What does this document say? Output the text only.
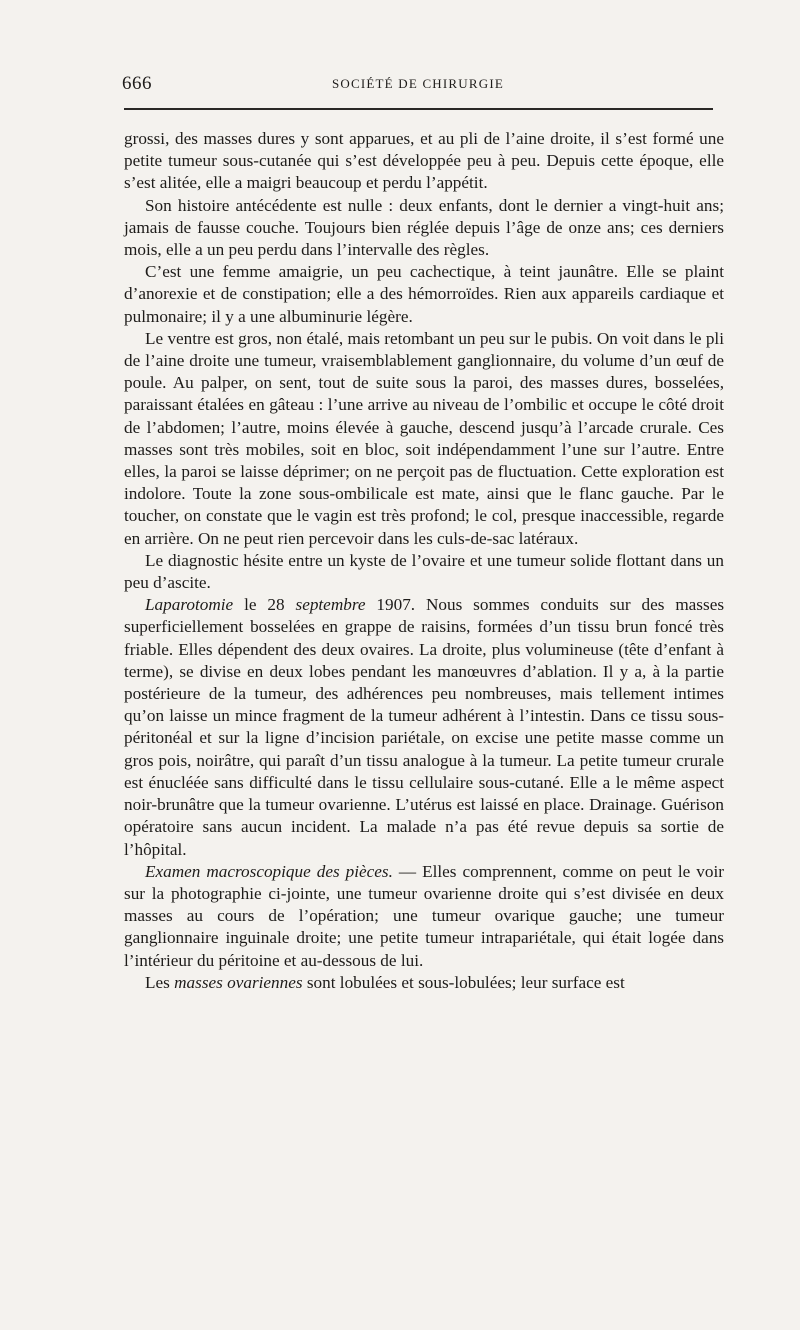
666	SOCIÉTÉ DE CHIRURGIE

grossi, des masses dures y sont apparues, et au pli de l’aine droite, il s’est formé une petite tumeur sous-cutanée qui s’est développée peu à peu. Depuis cette époque, elle s’est alitée, elle a maigri beaucoup et perdu l’appétit.

Son histoire antécédente est nulle : deux enfants, dont le dernier a vingt-huit ans; jamais de fausse couche. Toujours bien réglée depuis l’âge de onze ans; ces derniers mois, elle a un peu perdu dans l’intervalle des règles.

C’est une femme amaigrie, un peu cachectique, à teint jaunâtre. Elle se plaint d’anorexie et de constipation; elle a des hémorroïdes. Rien aux appareils cardiaque et pulmonaire; il y a une albuminurie légère.

Le ventre est gros, non étalé, mais retombant un peu sur le pubis. On voit dans le pli de l’aine droite une tumeur, vraisemblablement ganglionnaire, du volume d’un œuf de poule. Au palper, on sent, tout de suite sous la paroi, des masses dures, bosselées, paraissant étalées en gâteau : l’une arrive au niveau de l’ombilic et occupe le côté droit de l’abdomen; l’autre, moins élevée à gauche, descend jusqu’à l’arcade crurale. Ces masses sont très mobiles, soit en bloc, soit indépendamment l’une sur l’autre. Entre elles, la paroi se laisse déprimer; on ne perçoit pas de fluctuation. Cette exploration est indolore. Toute la zone sous-ombilicale est mate, ainsi que le flanc gauche. Par le toucher, on constate que le vagin est très profond; le col, presque inaccessible, regarde en arrière. On ne peut rien percevoir dans les culs-de-sac latéraux.

Le diagnostic hésite entre un kyste de l’ovaire et une tumeur solide flottant dans un peu d’ascite.

Laparotomie le 28 septembre 1907. Nous sommes conduits sur des masses superficiellement bosselées en grappe de raisins, formées d’un tissu brun foncé très friable. Elles dépendent des deux ovaires. La droite, plus volumineuse (tête d’enfant à terme), se divise en deux lobes pendant les manœuvres d’ablation. Il y a, à la partie postérieure de la tumeur, des adhérences peu nombreuses, mais tellement intimes qu’on laisse un mince fragment de la tumeur adhérent à l’intestin. Dans ce tissu sous-péritonéal et sur la ligne d’incision pariétale, on excise une petite masse comme un gros pois, noirâtre, qui paraît d’un tissu analogue à la tumeur. La petite tumeur crurale est énucléée sans difficulté dans le tissu cellulaire sous-cutané. Elle a le même aspect noir-brunâtre que la tumeur ovarienne. L’utérus est laissé en place. Drainage. Guérison opératoire sans aucun incident. La malade n’a pas été revue depuis sa sortie de l’hôpital.

Examen macroscopique des pièces. — Elles comprennent, comme on peut le voir sur la photographie ci-jointe, une tumeur ovarienne droite qui s’est divisée en deux masses au cours de l’opération; une tumeur ovarique gauche; une tumeur ganglionnaire inguinale droite; une petite tumeur intrapariétale, qui était logée dans l’intérieur du péritoine et au-dessous de lui.

Les masses ovariennes sont lobulées et sous-lobulées; leur surface est
